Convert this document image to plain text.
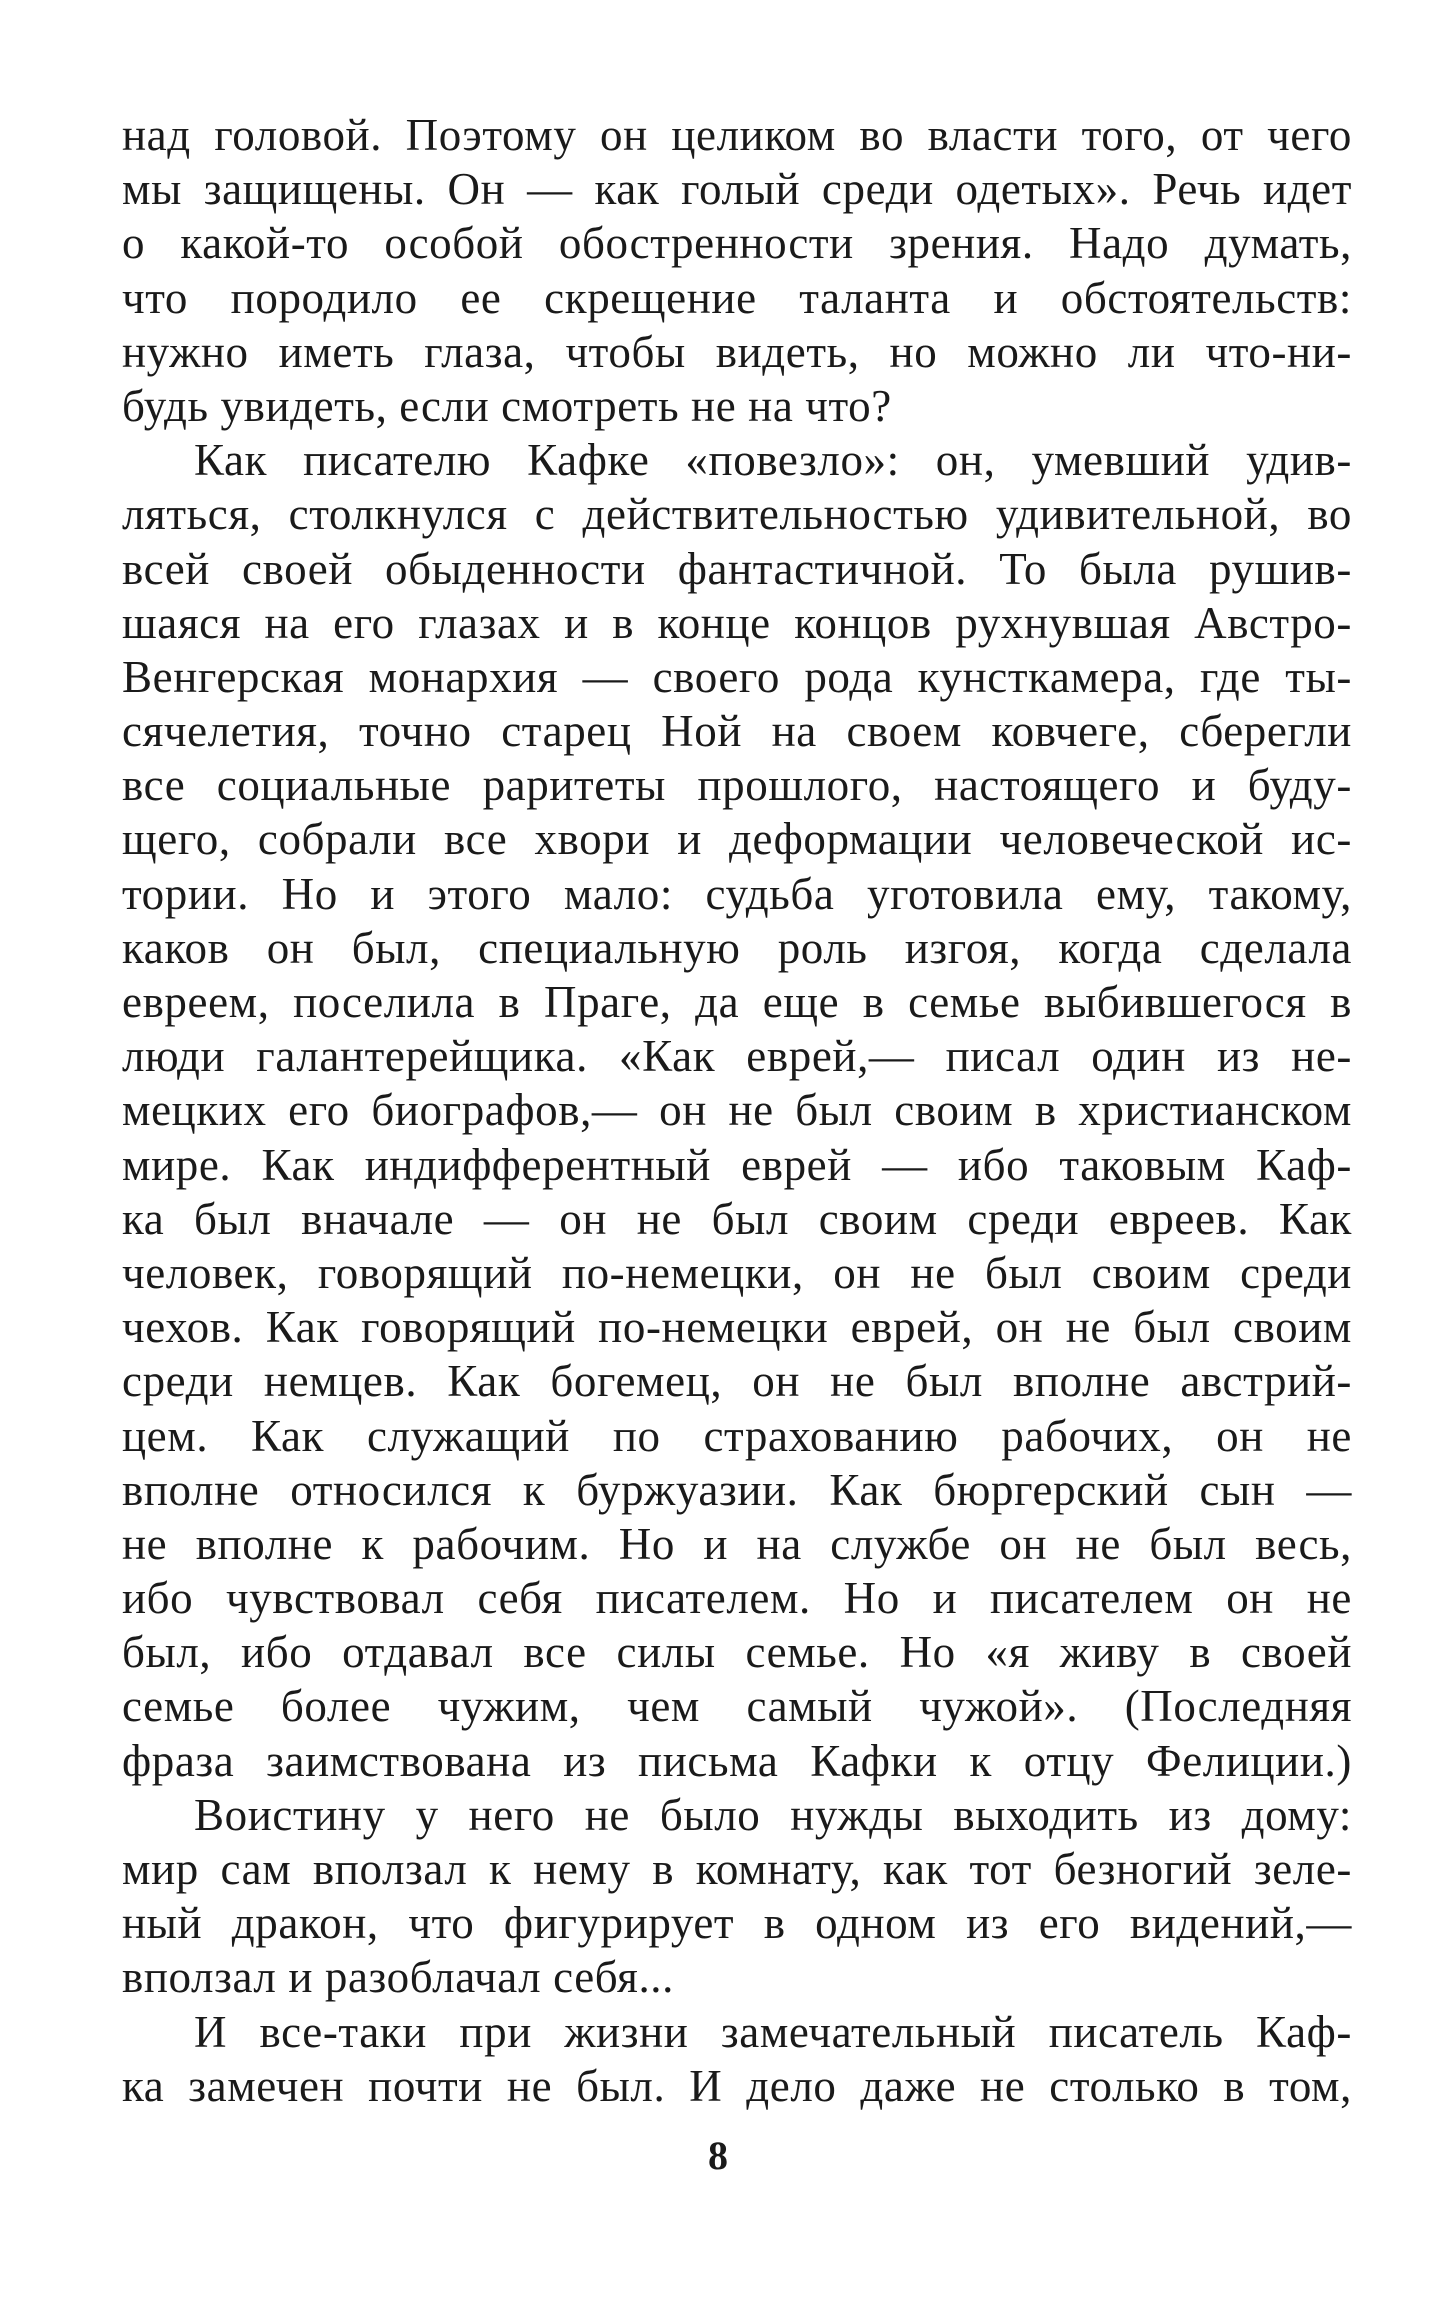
над головой. Поэтому он целиком во власти того, от чего
мы защищены. Он — как голый среди одетых». Речь идет
о какой-то особой обостренности зрения. Надо думать,
что породило ее скрещение таланта и обстоятельств:
нужно иметь глаза, чтобы видеть, но можно ли что-ни-
будь увидеть, если смотреть не на что?
Как писателю Кафке «повезло»: он, умевший удив-
ляться, столкнулся с действительностью удивительной, во
всей своей обыденности фантастичной. То была рушив-
шаяся на его глазах и в конце концов рухнувшая Австро-
Венгерская монархия — своего рода кунсткамера, где ты-
сячелетия, точно старец Ной на своем ковчеге, сберегли
все социальные раритеты прошлого, настоящего и буду-
щего, собрали все хвори и деформации человеческой ис-
тории. Но и этого мало: судьба уготовила ему, такому,
каков он был, специальную роль изгоя, когда сделала
евреем, поселила в Праге, да еще в семье выбившегося в
люди галантерейщика. «Как еврей,— писал один из не-
мецких его биографов,— он не был своим в христианском
мире. Как индифферентный еврей — ибо таковым Каф-
ка был вначале — он не был своим среди евреев. Как
человек, говорящий по-немецки, он не был своим среди
чехов. Как говорящий по-немецки еврей, он не был своим
среди немцев. Как богемец, он не был вполне австрий-
цем. Как служащий по страхованию рабочих, он не
вполне относился к буржуазии. Как бюргерский сын —
не вполне к рабочим. Но и на службе он не был весь,
ибо чувствовал себя писателем. Но и писателем он не
был, ибо отдавал все силы семье. Но «я живу в своей
семье более чужим, чем самый чужой». (Последняя
фраза заимствована из письма Кафки к отцу Фелиции.)
Воистину у него не было нужды выходить из дому:
мир сам вползал к нему в комнату, как тот безногий зеле-
ный дракон, что фигурирует в одном из его видений,—
вползал и разоблачал себя...
И все-таки при жизни замечательный писатель Каф-
ка замечен почти не был. И дело даже не столько в том,
8
